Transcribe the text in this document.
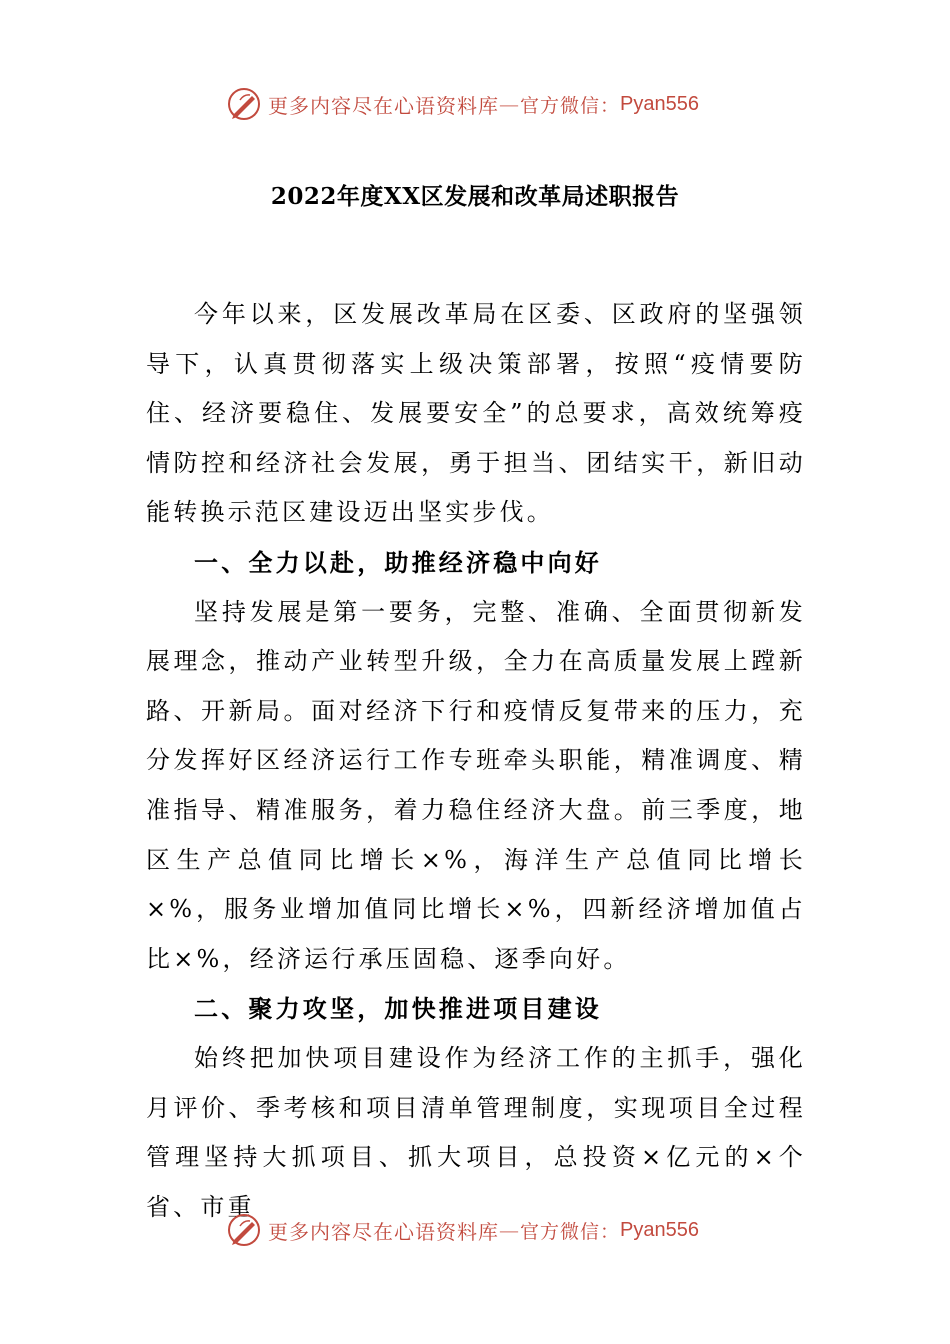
更多内容尽在心语资料库 — 官方微信： Pyan556
2022年度XX区发展和改革局述职报告

今年以来，区发展改革局在区委、区政府的坚强领导下，认真贯彻落实上级决策部署，按照“疫情要防住、经济要稳住、发展要安全”的总要求，高效统筹疫情防控和经济社会发展，勇于担当、团结实干，新旧动能转换示范区建设迈出坚实步伐。

一、全力以赴，助推经济稳中向好

坚持发展是第一要务，完整、准确、全面贯彻新发展理念，推动产业转型升级，全力在高质量发展上蹚新路、开新局。面对经济下行和疫情反复带来的压力，充分发挥好区经济运行工作专班牵头职能，精准调度、精准指导、精准服务，着力稳住经济大盘。前三季度，地区生产总值同比增长×%，海洋生产总值同比增长×%，服务业增加值同比增长×%，四新经济增加值占比×%，经济运行承压固稳、逐季向好。

二、聚力攻坚，加快推进项目建设

始终把加快项目建设作为经济工作的主抓手，强化月评价、季考核和项目清单管理制度，实现项目全过程管理坚持大抓项目、抓大项目，总投资×亿元的×个省、市重

更多内容尽在心语资料库 — 官方微信： Pyan556
